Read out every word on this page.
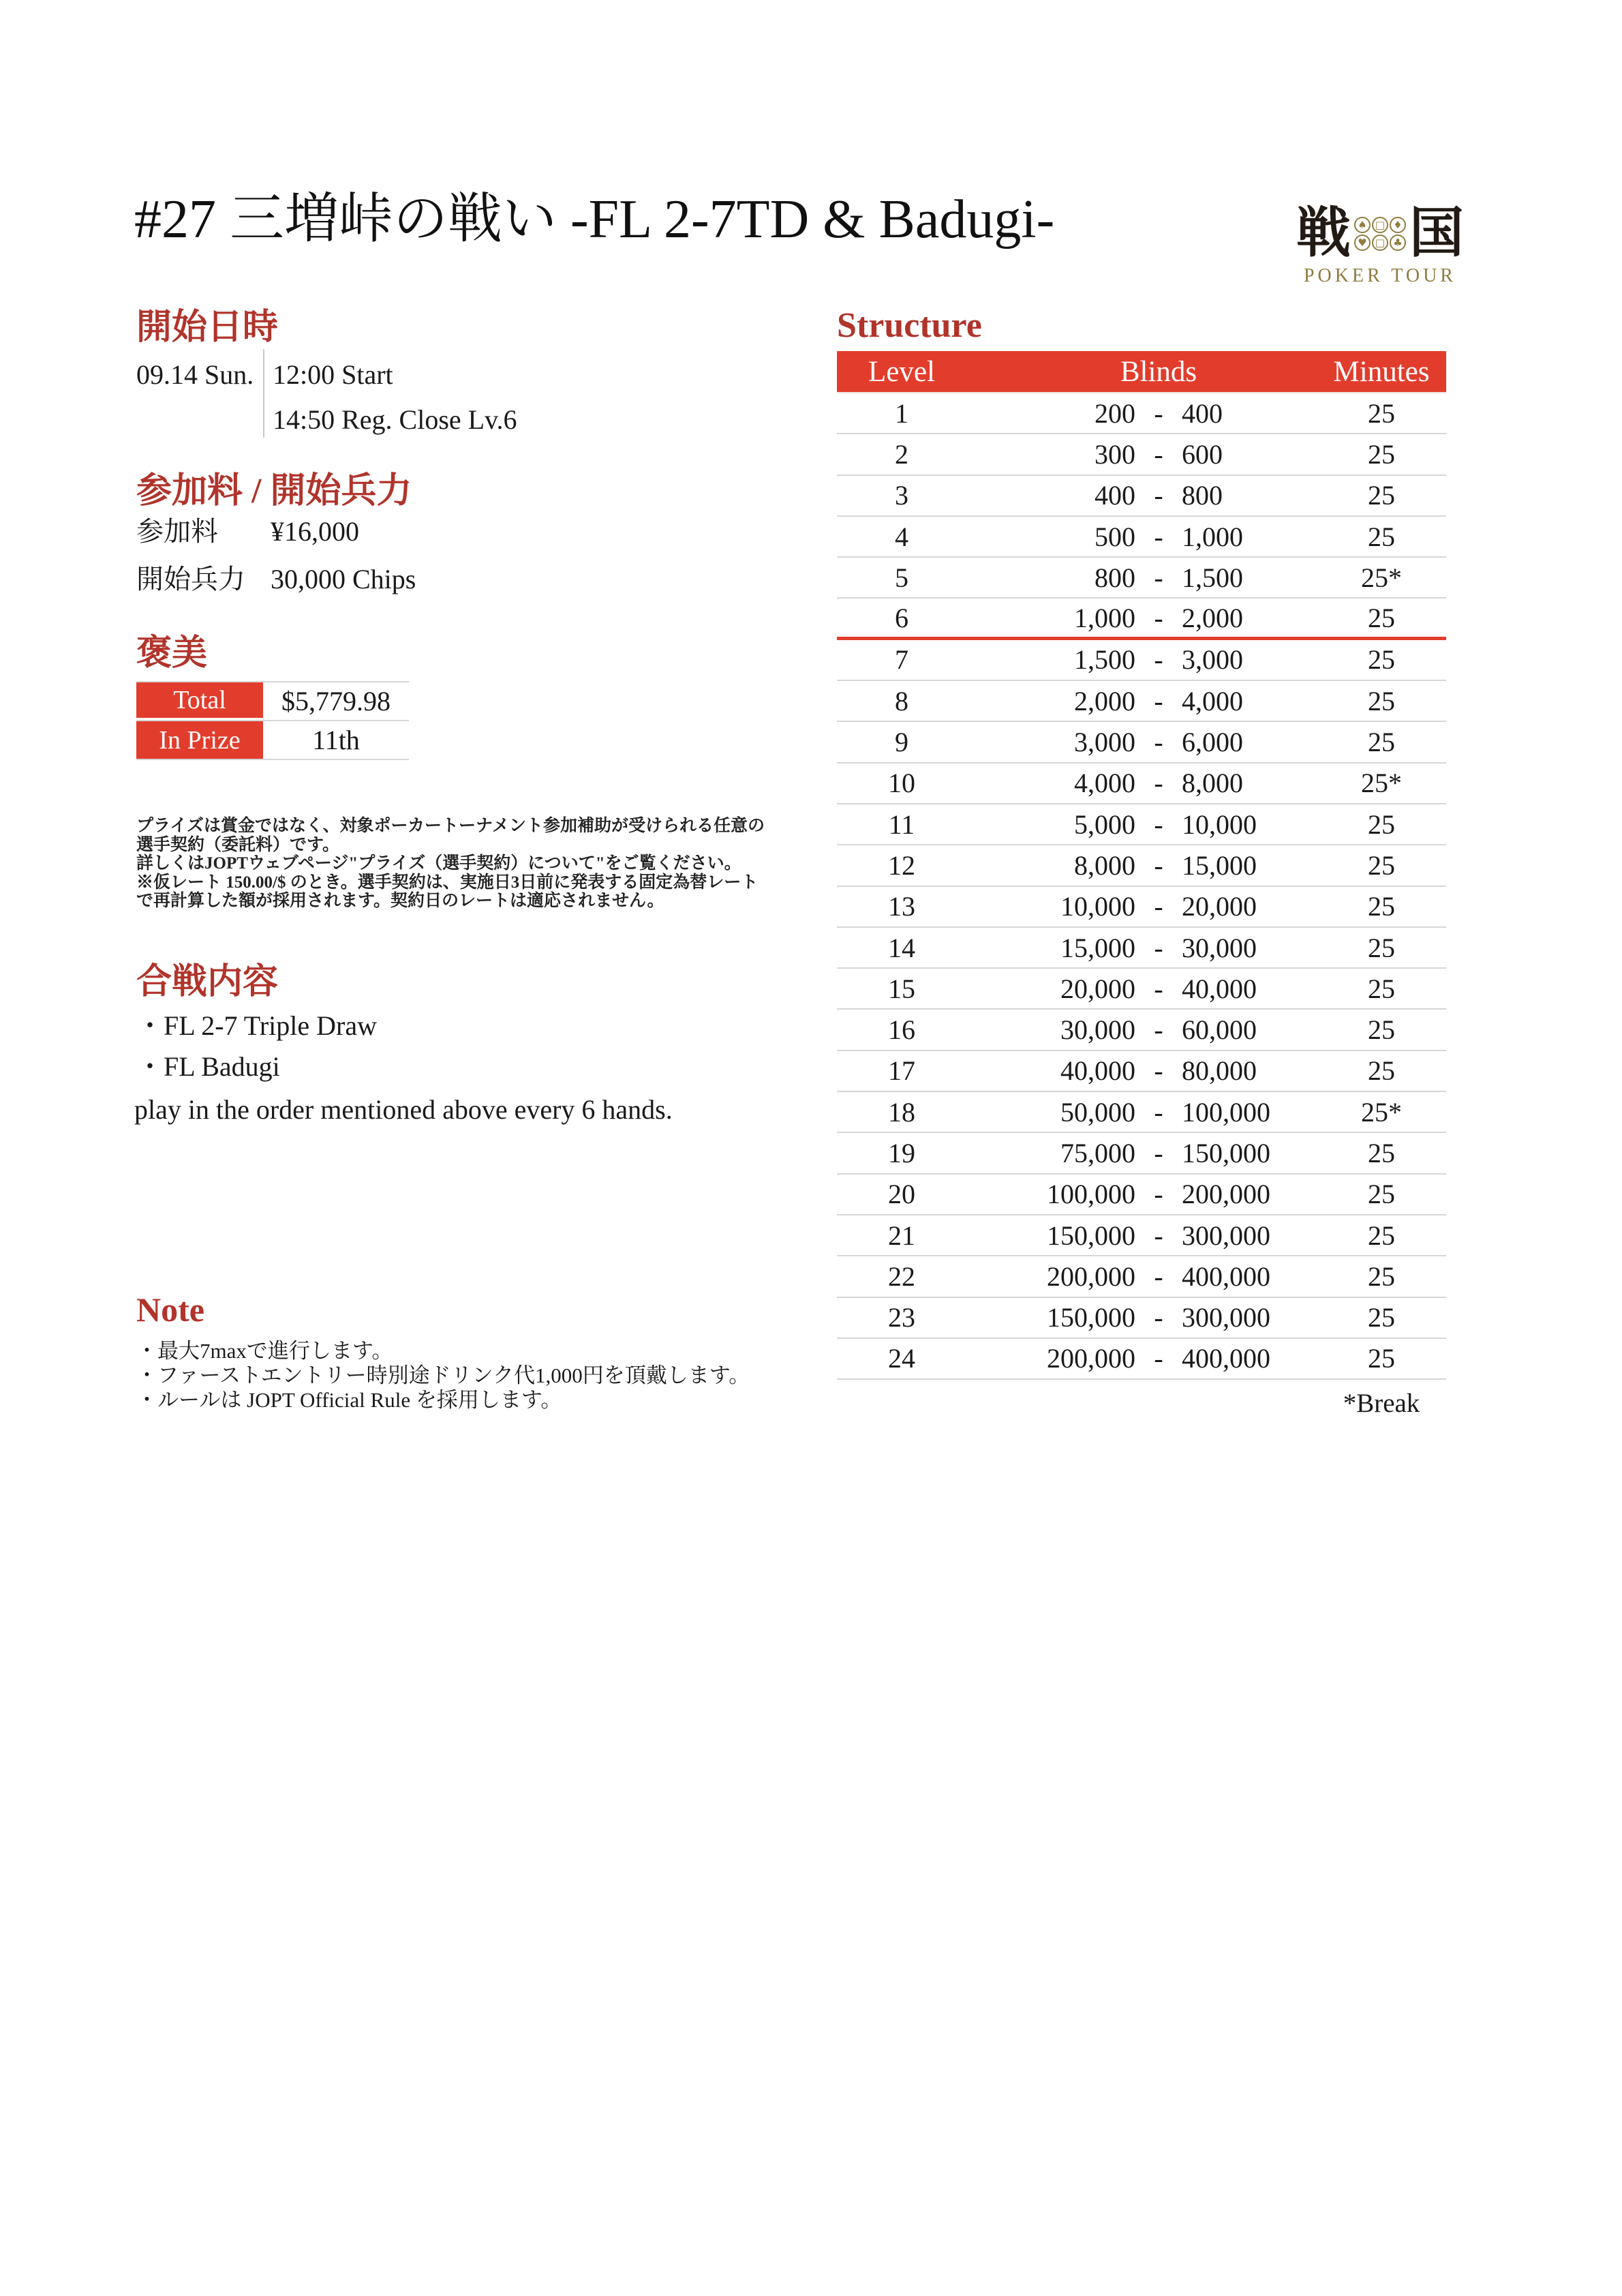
#27 三増峠の戦い -FL 2-7TD & Badugi-	戦 ♠ □ ♦
♥ □ ♣ 国
POKER TOUR
開始日時
09.14 Sun. 12:00 Start
14:50 Reg. Close Lv.6
参加料 / 開始兵力
参加料 ¥16,000
開始兵力 30,000 Chips
褒美
Total	$5,779.98
In Prize	11th
プライズは賞金ではなく、対象ポーカートーナメント参加補助が受けられる任意の
選手契約（委託料）です。
詳しくはJOPTウェブページ"プライズ（選手契約）について"をご覧ください。
※仮レート 150.00/$ のとき。選手契約は、実施日3日前に発表する固定為替レート
で再計算した額が採用されます。契約日のレートは適応されません。
合戦内容
・FL 2-7 Triple Draw
・FL Badugi
play in the order mentioned above every 6 hands.
Note
・最大7maxで進行します。
・ファーストエントリー時別途ドリンク代1,000円を頂戴します。
・ルールは JOPT Official Rule を採用します。
Structure
Level	Blinds	Minutes
1	200 - 400	25
2	300 - 600	25
3	400 - 800	25
4	500 - 1,000	25
5	800 - 1,500	25*
6	1,000 - 2,000	25
7	1,500 - 3,000	25
8	2,000 - 4,000	25
9	3,000 - 6,000	25
10	4,000 - 8,000	25*
11	5,000 - 10,000	25
12	8,000 - 15,000	25
13	10,000 - 20,000	25
14	15,000 - 30,000	25
15	20,000 - 40,000	25
16	30,000 - 60,000	25
17	40,000 - 80,000	25
18	50,000 - 100,000	25*
19	75,000 - 150,000	25
20	100,000 - 200,000	25
21	150,000 - 300,000	25
22	200,000 - 400,000	25
23	150,000 - 300,000	25
24	200,000 - 400,000	25
*Break
